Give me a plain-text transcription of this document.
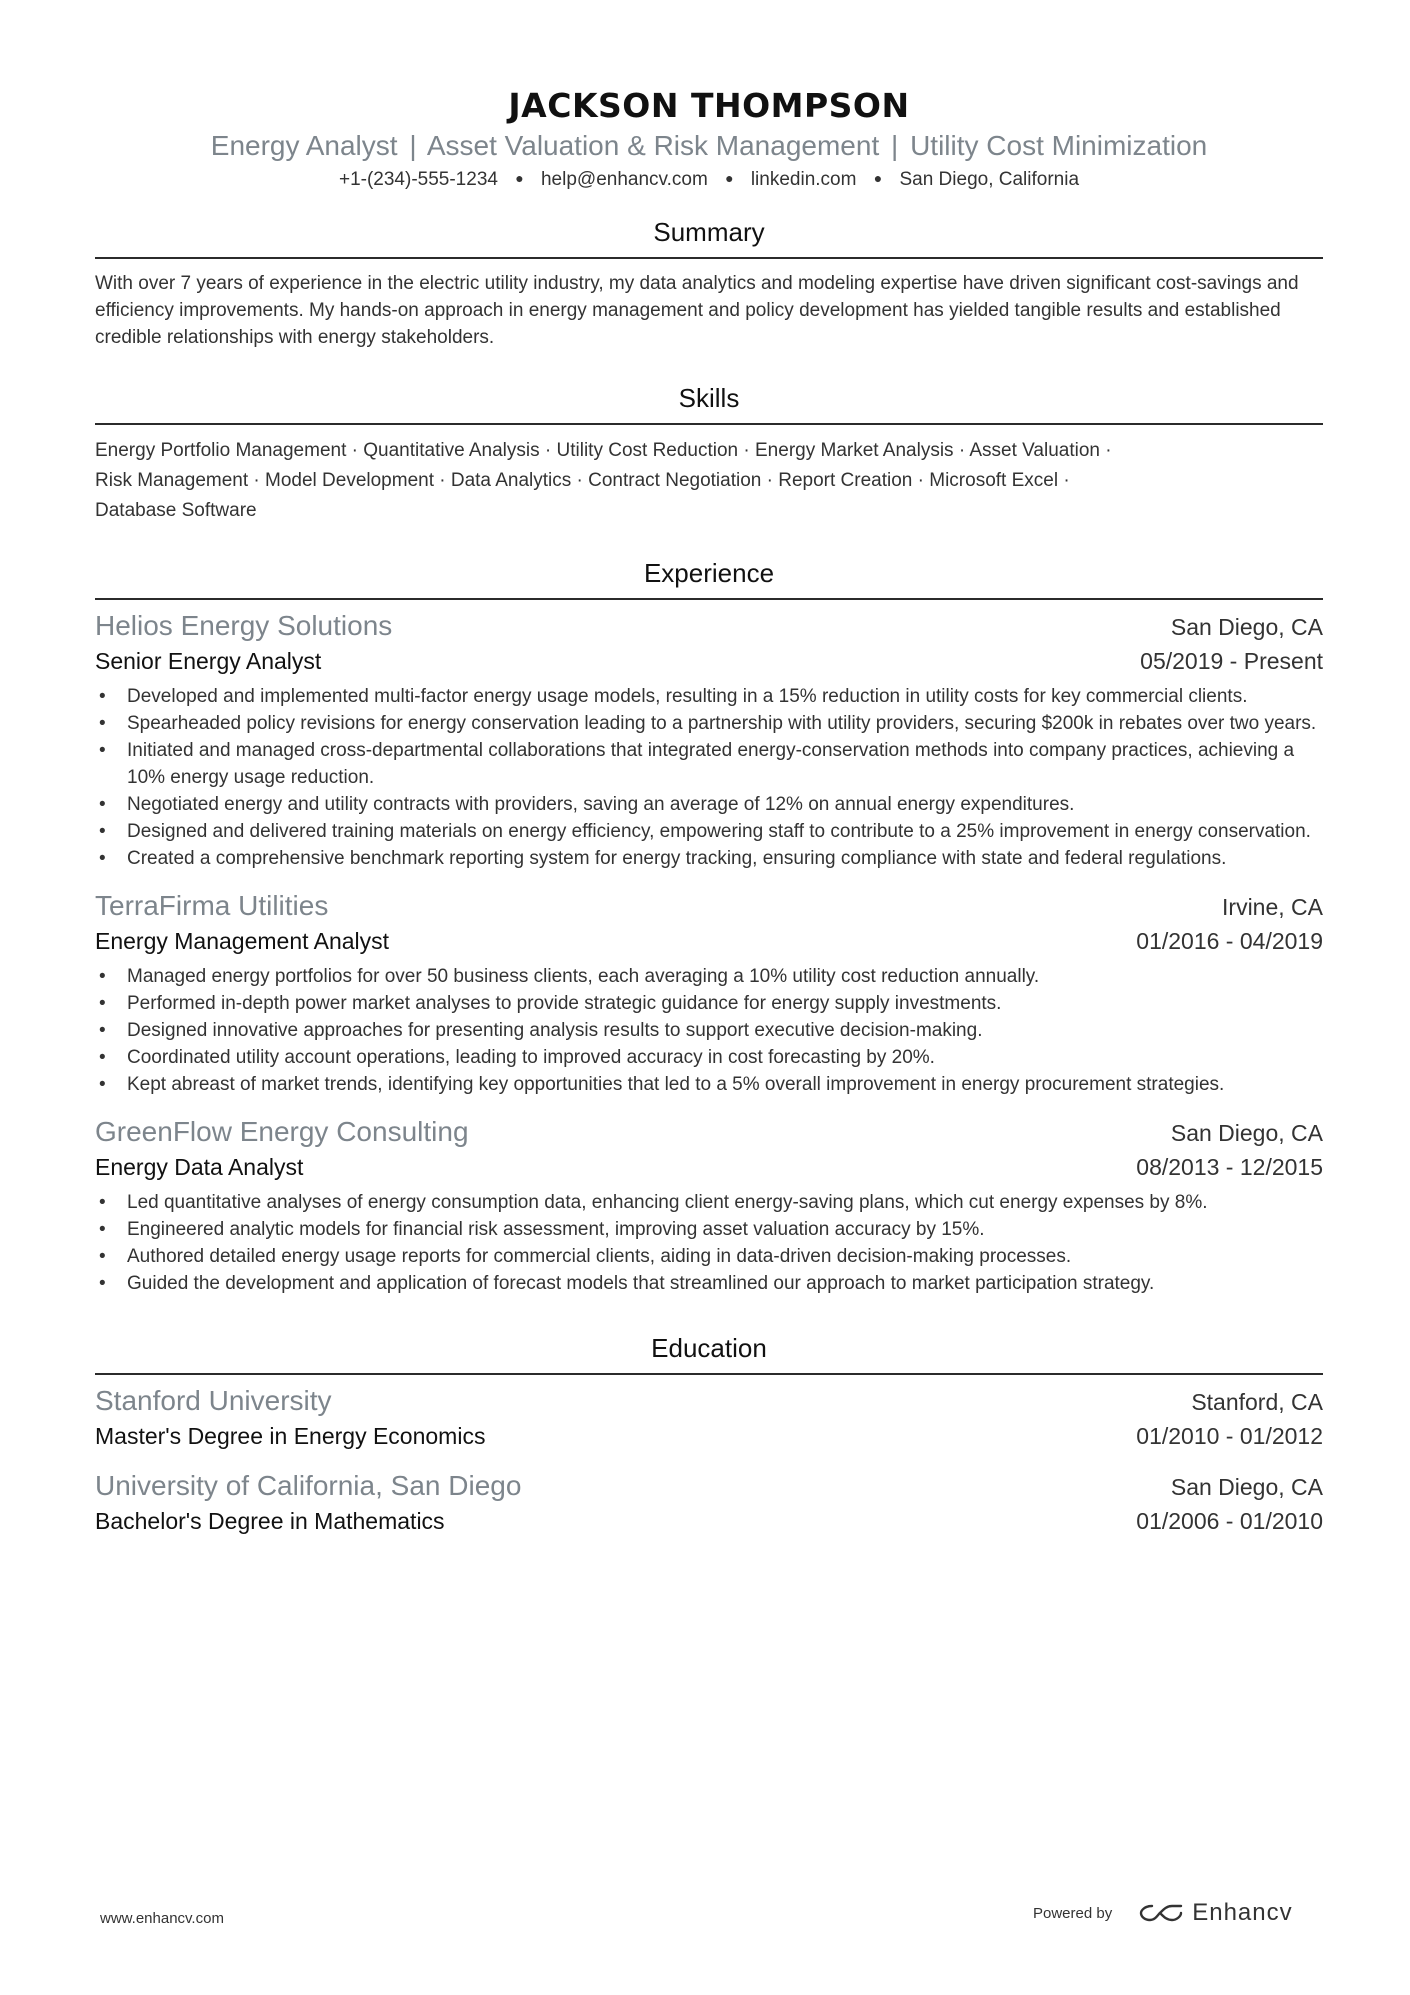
JACKSON THOMPSON
Energy Analyst | Asset Valuation & Risk Management | Utility Cost Minimization
+1-(234)-555-1234 ● help@enhancv.com ● linkedin.com ● San Diego, California
Summary
With over 7 years of experience in the electric utility industry, my data analytics and modeling expertise have driven significant cost-savings and efficiency improvements. My hands-on approach in energy management and policy development has yielded tangible results and established credible relationships with energy stakeholders.
Skills
Energy Portfolio Management · Quantitative Analysis · Utility Cost Reduction · Energy Market Analysis · Asset Valuation ·
Risk Management · Model Development · Data Analytics · Contract Negotiation · Report Creation · Microsoft Excel ·
Database Software
Experience
Helios Energy Solutions	San Diego, CA
Senior Energy Analyst	05/2019 - Present
• Developed and implemented multi-factor energy usage models, resulting in a 15% reduction in utility costs for key commercial clients.
• Spearheaded policy revisions for energy conservation leading to a partnership with utility providers, securing $200k in rebates over two years.
• Initiated and managed cross-departmental collaborations that integrated energy-conservation methods into company practices, achieving a 10% energy usage reduction.
• Negotiated energy and utility contracts with providers, saving an average of 12% on annual energy expenditures.
• Designed and delivered training materials on energy efficiency, empowering staff to contribute to a 25% improvement in energy conservation.
• Created a comprehensive benchmark reporting system for energy tracking, ensuring compliance with state and federal regulations.
TerraFirma Utilities	Irvine, CA
Energy Management Analyst	01/2016 - 04/2019
• Managed energy portfolios for over 50 business clients, each averaging a 10% utility cost reduction annually.
• Performed in-depth power market analyses to provide strategic guidance for energy supply investments.
• Designed innovative approaches for presenting analysis results to support executive decision-making.
• Coordinated utility account operations, leading to improved accuracy in cost forecasting by 20%.
• Kept abreast of market trends, identifying key opportunities that led to a 5% overall improvement in energy procurement strategies.
GreenFlow Energy Consulting	San Diego, CA
Energy Data Analyst	08/2013 - 12/2015
• Led quantitative analyses of energy consumption data, enhancing client energy-saving plans, which cut energy expenses by 8%.
• Engineered analytic models for financial risk assessment, improving asset valuation accuracy by 15%.
• Authored detailed energy usage reports for commercial clients, aiding in data-driven decision-making processes.
• Guided the development and application of forecast models that streamlined our approach to market participation strategy.
Education
Stanford University	Stanford, CA
Master's Degree in Energy Economics	01/2010 - 01/2012
University of California, San Diego	San Diego, CA
Bachelor's Degree in Mathematics	01/2006 - 01/2010
www.enhancv.com	Powered by	Enhancv
